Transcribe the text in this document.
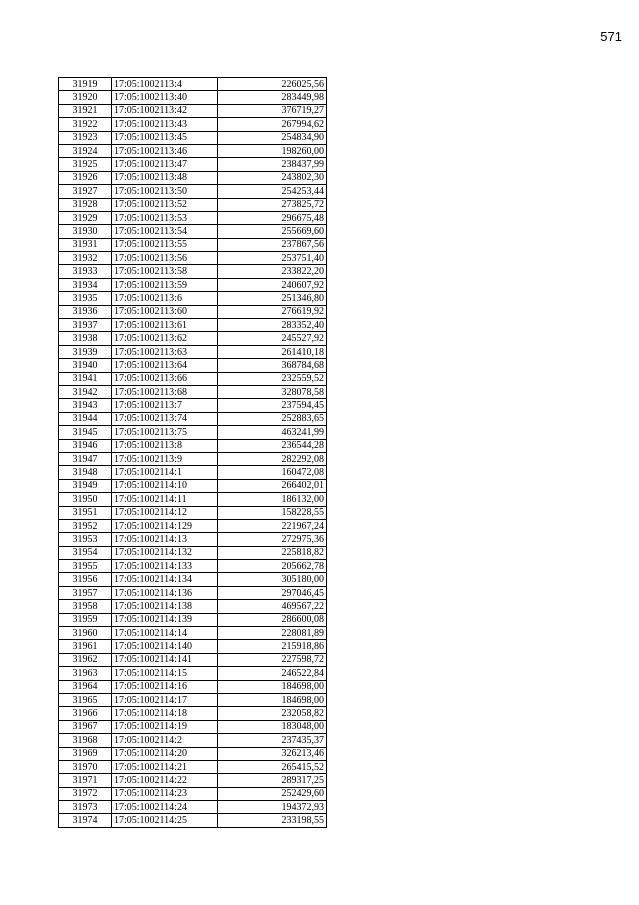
571
31919	17:05:1002113:4	226025,56
31920	17:05:1002113:40	283449,98
31921	17:05:1002113:42	376719,27
31922	17:05:1002113:43	267994,62
31923	17:05:1002113:45	254834,90
31924	17:05:1002113:46	198260,00
31925	17:05:1002113:47	238437,99
31926	17:05:1002113:48	243802,30
31927	17:05:1002113:50	254253,44
31928	17:05:1002113:52	273825,72
31929	17:05:1002113:53	296675,48
31930	17:05:1002113:54	255669,60
31931	17:05:1002113:55	237867,56
31932	17:05:1002113:56	253751,40
31933	17:05:1002113:58	233822,20
31934	17:05:1002113:59	240607,92
31935	17:05:1002113:6	251346,80
31936	17:05:1002113:60	276619,92
31937	17:05:1002113:61	283352,40
31938	17:05:1002113:62	245527,92
31939	17:05:1002113:63	261410,18
31940	17:05:1002113:64	368784,68
31941	17:05:1002113:66	232559,52
31942	17:05:1002113:68	328078,58
31943	17:05:1002113:7	237594,45
31944	17:05:1002113:74	252883,65
31945	17:05:1002113:75	463241,99
31946	17:05:1002113:8	236544,28
31947	17:05:1002113:9	282292,08
31948	17:05:1002114:1	160472,08
31949	17:05:1002114:10	266402,01
31950	17:05:1002114:11	186132,00
31951	17:05:1002114:12	158228,55
31952	17:05:1002114:129	221967,24
31953	17:05:1002114:13	272975,36
31954	17:05:1002114:132	225818,82
31955	17:05:1002114:133	205662,78
31956	17:05:1002114:134	305180,00
31957	17:05:1002114:136	297046,45
31958	17:05:1002114:138	469567,22
31959	17:05:1002114:139	286600,08
31960	17:05:1002114:14	228081,89
31961	17:05:1002114:140	215918,86
31962	17:05:1002114:141	227598,72
31963	17:05:1002114:15	246522,84
31964	17:05:1002114:16	184698,00
31965	17:05:1002114:17	184698,00
31966	17:05:1002114:18	232058,82
31967	17:05:1002114:19	183048,00
31968	17:05:1002114:2	237435,37
31969	17:05:1002114:20	326213,46
31970	17:05:1002114:21	265415,52
31971	17:05:1002114:22	289317,25
31972	17:05:1002114:23	252429,60
31973	17:05:1002114:24	194372,93
31974	17:05:1002114:25	233198,55
